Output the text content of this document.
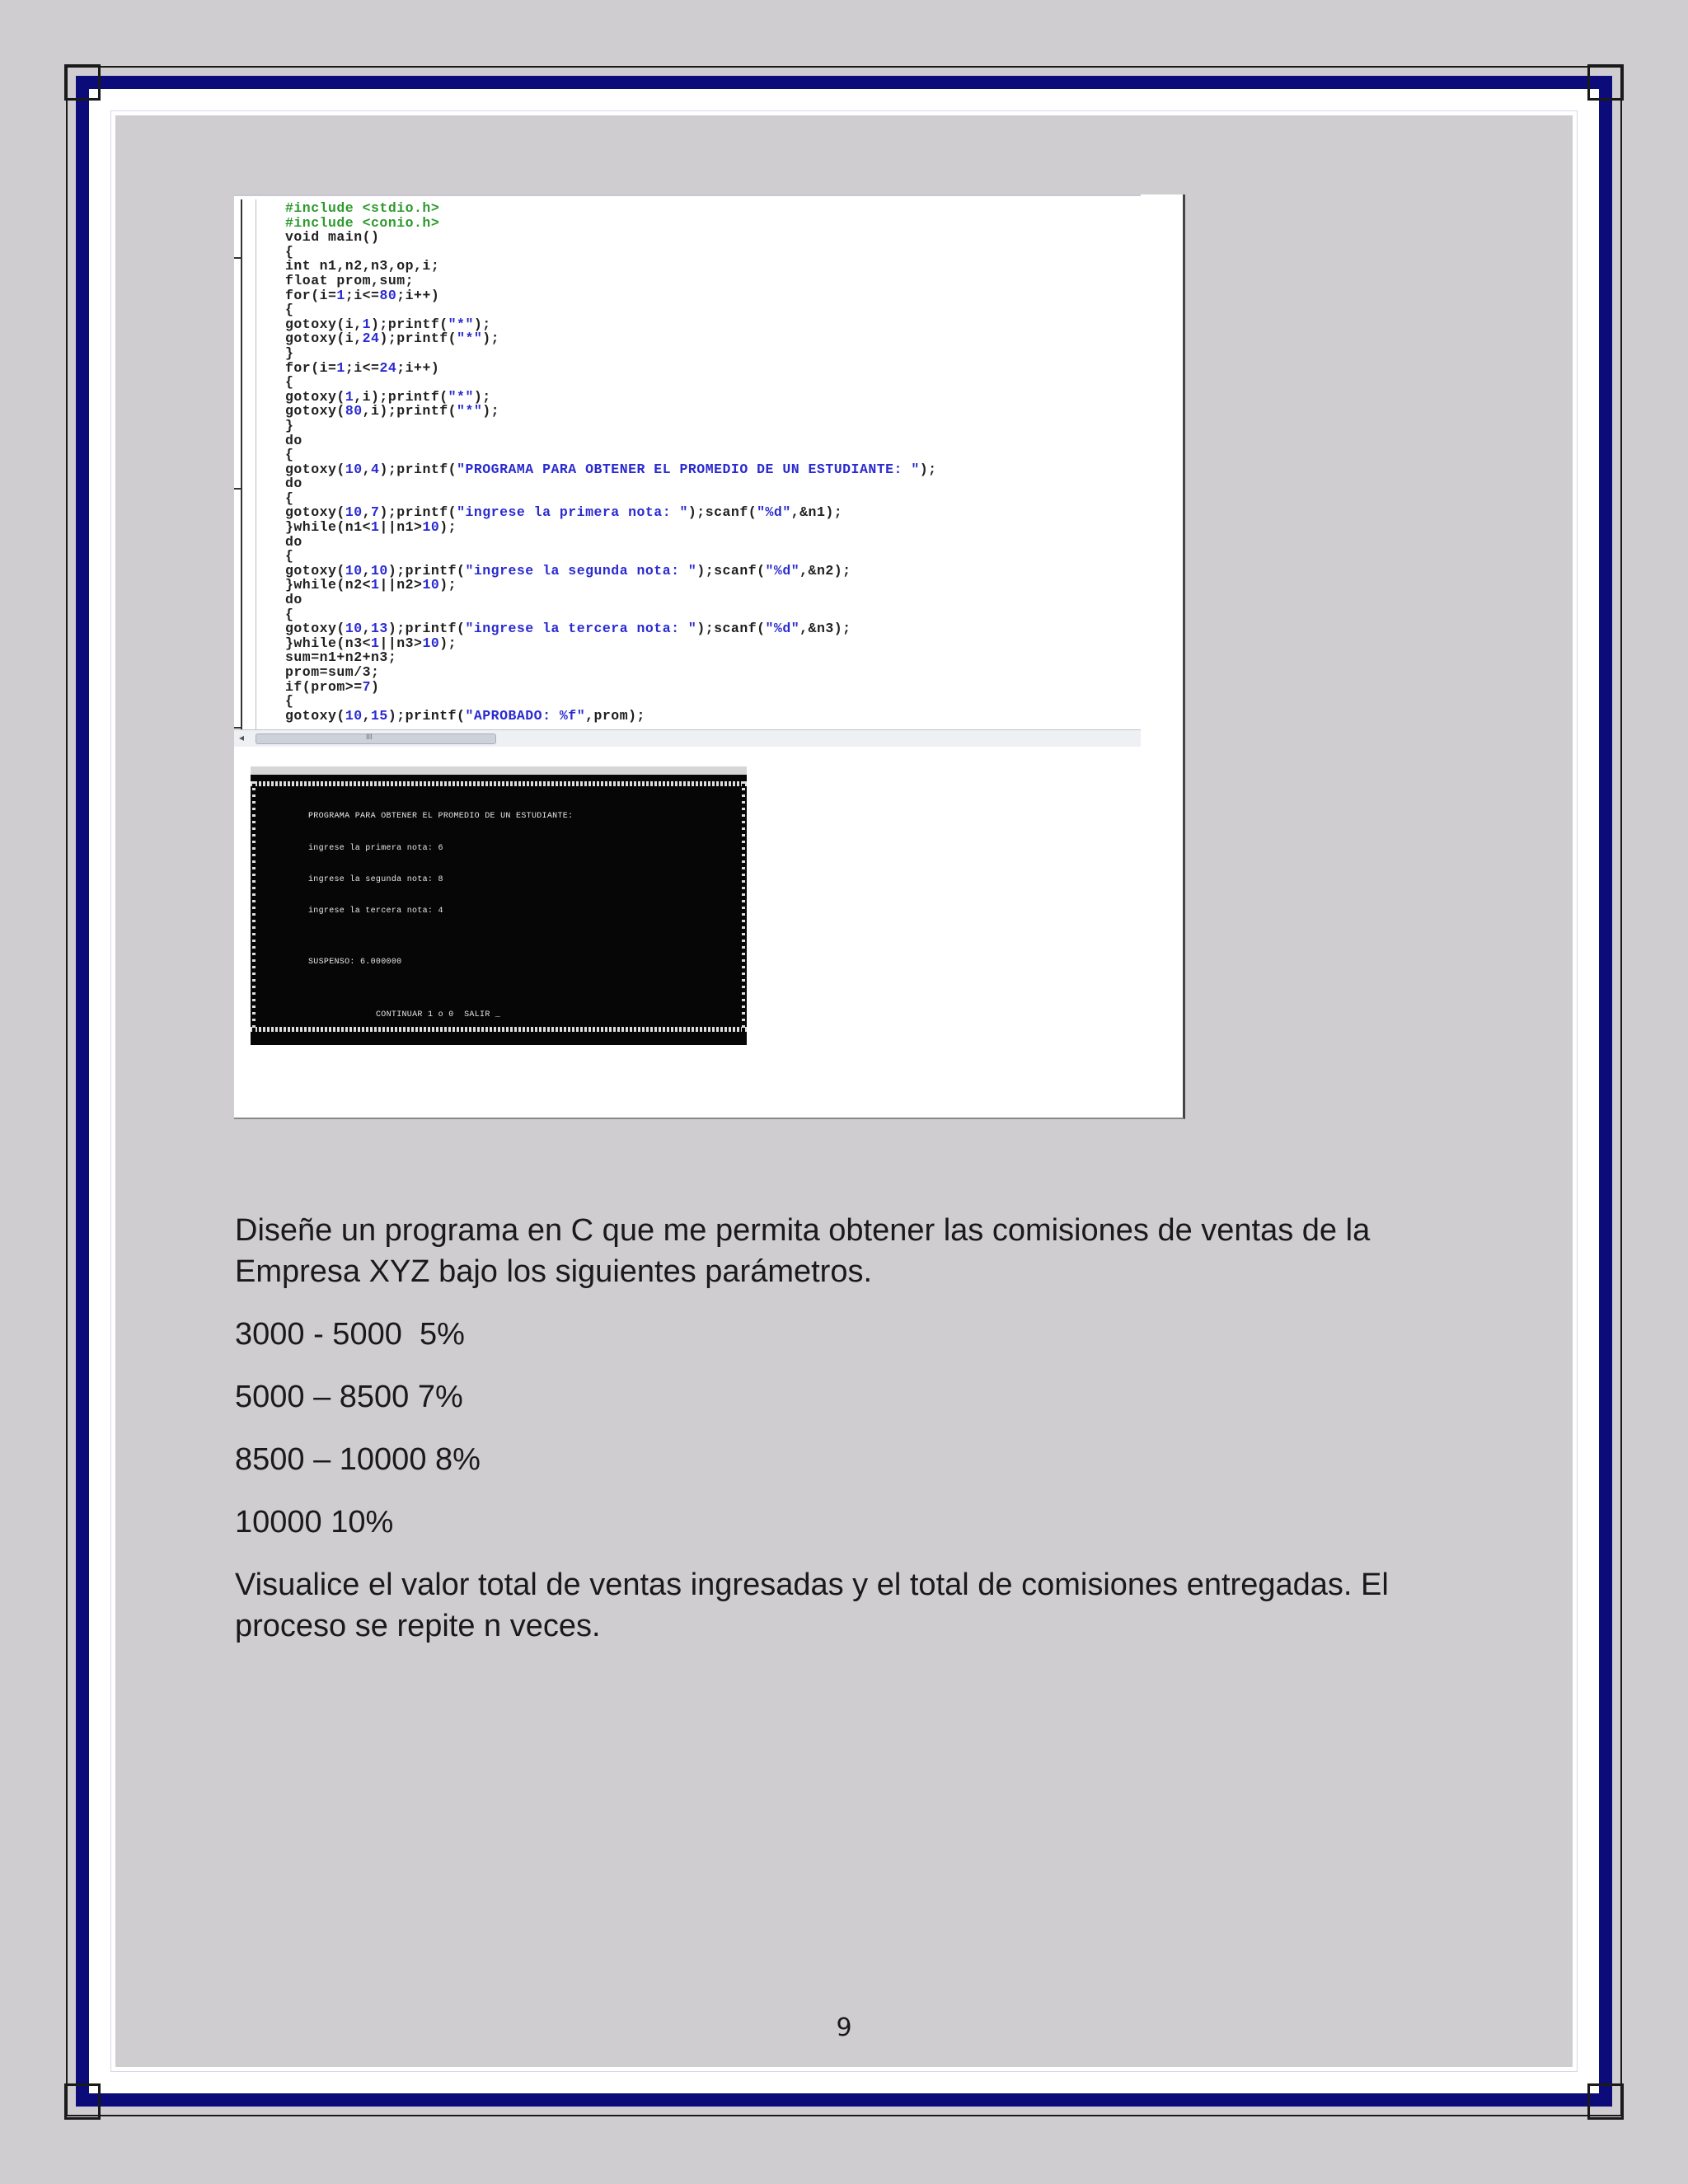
#include <stdio.h>
#include <conio.h>
void main()
{
int n1,n2,n3,op,i;
float prom,sum;
for(i=1;i<=80;i++)
{
gotoxy(i,1);printf("*");
gotoxy(i,24);printf("*");
}
for(i=1;i<=24;i++)
{
gotoxy(1,i);printf("*");
gotoxy(80,i);printf("*");
}
do
{
gotoxy(10,4);printf("PROGRAMA PARA OBTENER EL PROMEDIO DE UN ESTUDIANTE: ");
do
{
gotoxy(10,7);printf("ingrese la primera nota: ");scanf("%d",&n1);
}while(n1<1||n1>10);
do
{
gotoxy(10,10);printf("ingrese la segunda nota: ");scanf("%d",&n2);
}while(n2<1||n2>10);
do
{
gotoxy(10,13);printf("ingrese la tercera nota: ");scanf("%d",&n3);
}while(n3<1||n3>10);
sum=n1+n2+n3;
prom=sum/3;
if(prom>=7)
{
gotoxy(10,15);printf("APROBADO: %f",prom);
◂	III
PROGRAMA PARA OBTENER EL PROMEDIO DE UN ESTUDIANTE:
ingrese la primera nota: 6
ingrese la segunda nota: 8
ingrese la tercera nota: 4
SUSPENSO: 6.000000
CONTINUAR 1 o 0  SALIR _

Diseñe un programa en C que me permita obtener las comisiones de ventas de la Empresa XYZ bajo los siguientes parámetros.

3000 - 5000  5%

5000 – 8500 7%

8500 – 10000 8%

10000 10%

Visualice el valor total de ventas ingresadas y el total de comisiones entregadas. El proceso se repite n veces.

9
